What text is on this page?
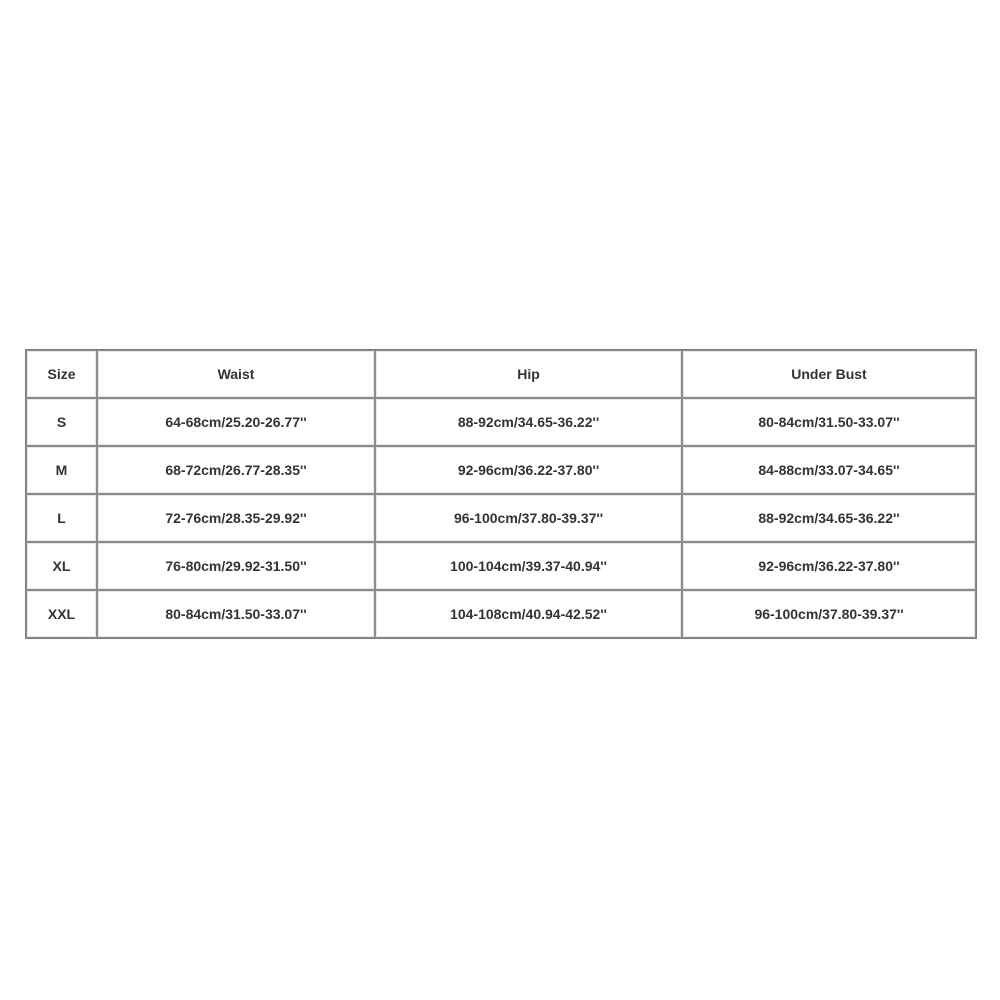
Size	Waist	Hip	Under Bust
S	64-68cm/25.20-26.77''	88-92cm/34.65-36.22''	80-84cm/31.50-33.07''
M	68-72cm/26.77-28.35''	92-96cm/36.22-37.80''	84-88cm/33.07-34.65''
L	72-76cm/28.35-29.92''	96-100cm/37.80-39.37''	88-92cm/34.65-36.22''
XL	76-80cm/29.92-31.50''	100-104cm/39.37-40.94''	92-96cm/36.22-37.80''
XXL	80-84cm/31.50-33.07''	104-108cm/40.94-42.52''	96-100cm/37.80-39.37''
